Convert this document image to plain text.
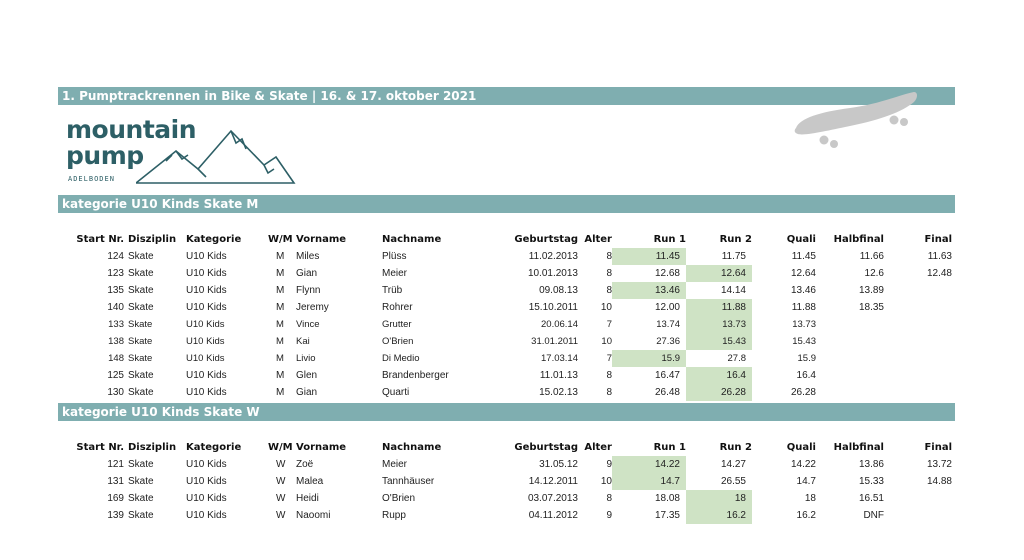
1. Pumptrackrennen in Bike & Skate | 16. & 17. oktober 2021
mountain
pump
ADELBODEN
kategorie U10 Kinds Skate M
Start Nr.	Disziplin	Kategorie	W/M	Vorname	Nachname	Geburtstag	Alter	Run 1	Run 2	Quali	Halbfinal	Final
124	Skate	U10 Kids	M	Miles	Plüss	11.02.2013	8	11.45	11.75	11.45	11.66	11.63
123	Skate	U10 Kids	M	Gian	Meier	10.01.2013	8	12.68	12.64	12.64	12.6	12.48
135	Skate	U10 Kids	M	Flynn	Trüb	09.08.13	8	13.46	14.14	13.46	13.89	
140	Skate	U10 Kids	M	Jeremy	Rohrer	15.10.2011	10	12.00	11.88	11.88	18.35	
133	Skate	U10 Kids	M	Vince	Grutter	20.06.14	7	13.74	13.73	13.73		
138	Skate	U10 Kids	M	Kai	O'Brien	31.01.2011	10	27.36	15.43	15.43		
148	Skate	U10 Kids	M	Livio	Di Medio	17.03.14	7	15.9	27.8	15.9		
125	Skate	U10 Kids	M	Glen	Brandenberger	11.01.13	8	16.47	16.4	16.4		
130	Skate	U10 Kids	M	Gian	Quarti	15.02.13	8	26.48	26.28	26.28		
kategorie U10 Kinds Skate W
Start Nr.	Disziplin	Kategorie	W/M	Vorname	Nachname	Geburtstag	Alter	Run 1	Run 2	Quali	Halbfinal	Final
121	Skate	U10 Kids	W	Zoë	Meier	31.05.12	9	14.22	14.27	14.22	13.86	13.72
131	Skate	U10 Kids	W	Malea	Tannhäuser	14.12.2011	10	14.7	26.55	14.7	15.33	14.88
169	Skate	U10 Kids	W	Heidi	O'Brien	03.07.2013	8	18.08	18	18	16.51	
139	Skate	U10 Kids	W	Naoomi	Rupp	04.11.2012	9	17.35	16.2	16.2	DNF	
